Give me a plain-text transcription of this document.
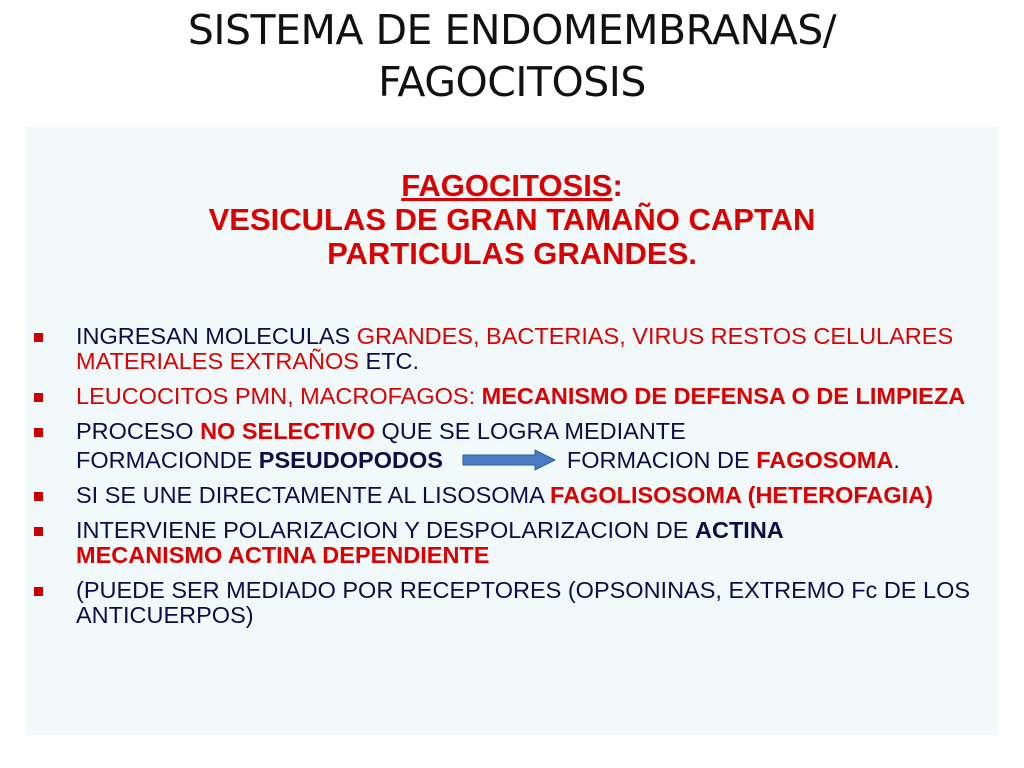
SISTEMA DE ENDOMEMBRANAS/
FAGOCITOSIS
FAGOCITOSIS:
VESICULAS DE GRAN TAMAÑO CAPTAN
PARTICULAS GRANDES.
INGRESAN MOLECULAS GRANDES, BACTERIAS, VIRUS RESTOS CELULARES MATERIALES EXTRAÑOS ETC.
LEUCOCITOS PMN, MACROFAGOS: MECANISMO DE DEFENSA O DE LIMPIEZA
PROCESO NO SELECTIVO QUE SE LOGRA MEDIANTE
FORMACIONDE PSEUDOPODOS	FORMACION DE FAGOSOMA.
SI SE UNE DIRECTAMENTE AL LISOSOMA FAGOLISOSOMA (HETEROFAGIA)
INTERVIENE POLARIZACION Y DESPOLARIZACION DE ACTINA
MECANISMO ACTINA DEPENDIENTE
(PUEDE SER MEDIADO POR RECEPTORES (OPSONINAS, EXTREMO Fc DE LOS ANTICUERPOS)
